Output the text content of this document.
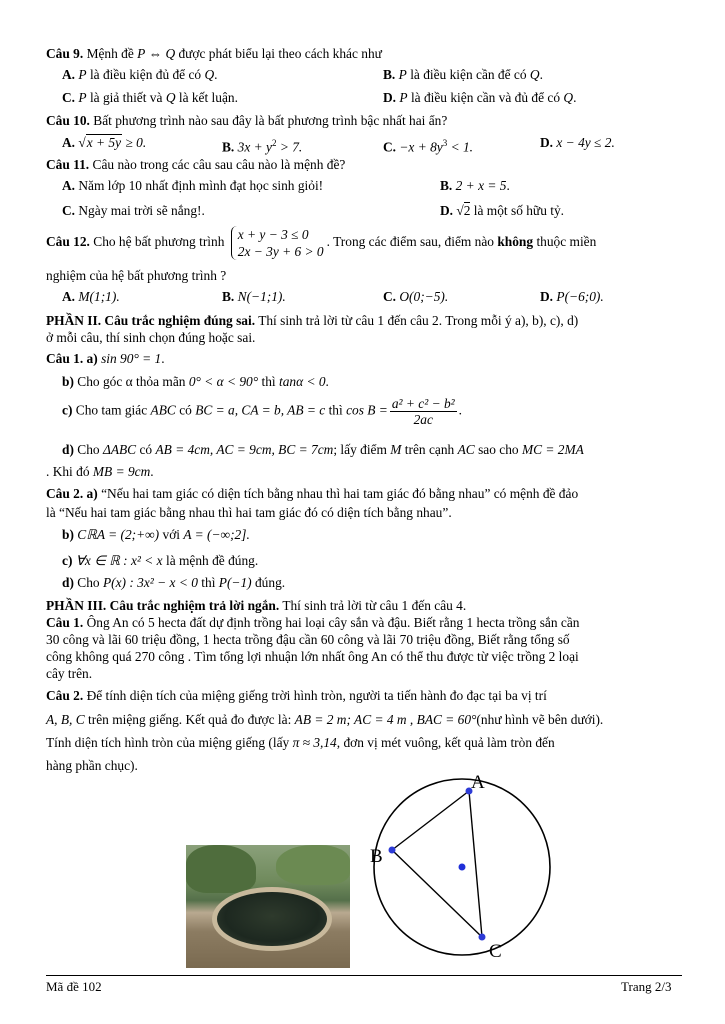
Câu 9. Mệnh đề P ⇔ Q được phát biểu lại theo cách khác như
A. P là điều kiện đủ để có Q.	B. P là điều kiện cần để có Q.
C. P là giả thiết và Q là kết luận.	D. P là điều kiện cần và đủ để có Q.
Câu 10. Bất phương trình nào sau đây là bất phương trình bậc nhất hai ẩn?
A. √x + 5y ≥ 0.	B. $3x + y^2 > 7$.	C. $-x + 8y^3 < 1$.	D. x − 4y ≤ 2.
Câu 11. Câu nào trong các câu sau câu nào là mệnh đề?
A. Năm lớp 10 nhất định mình đạt học sinh giỏi!	B. 2 + x = 5.
C. Ngày mai trời sẽ nắng!.	D. √2 là một số hữu tỷ.
Câu 12. Cho hệ bất phương trình x + y − 3 ≤ 0
2x − 3y + 6 > 0. Trong các điểm sau, điểm nào không thuộc miền
nghiệm của hệ bất phương trình ?
A. M(1;1).	B. N(−1;1).	C. O(0;−5).	D. P(−6;0).
PHẦN II. Câu trắc nghiệm đúng sai. Thí sinh trả lời từ câu 1 đến câu 2. Trong mỗi ý a), b), c), d)
ở mỗi câu, thí sinh chọn đúng hoặc sai.
Câu 1. a) sin 90° = 1.
b) Cho góc α thỏa mãn 0° < α < 90° thì tanα < 0.
c) Cho tam giác ABC có BC = a, CA = b, AB = c thì $\cos B = \frac{\text{a² + c² − b²}}{2ac}$ .
d) Cho ΔABC có AB = 4cm, AC = 9cm, BC = 7cm; lấy điểm M trên cạnh AC sao cho MC = 2MA
. Khi đó MB = 9cm.
Câu 2. a) “Nếu hai tam giác có diện tích bằng nhau thì hai tam giác đó bằng nhau” có mệnh đề đảo
là “Nếu hai tam giác bằng nhau thì hai tam giác đó có diện tích bằng nhau”.
b) CℝA = (2;+∞) với A = (−∞;2].
c) ∀x ∈ ℝ : x² < x là mệnh đề đúng.
d) Cho P(x) : 3x² − x < 0 thì P(−1) đúng.
PHẦN III. Câu trắc nghiệm trả lời ngắn. Thí sinh trả lời từ câu 1 đến câu 4.
Câu 1. Ông An có 5 hecta đất dự định trồng hai loại cây sắn và đậu. Biết rằng 1 hecta trồng sắn cần
30 công và lãi 60 triệu đồng, 1 hecta trồng đậu cần 60 công và lãi 70 triệu đồng, Biết rằng tổng số
công không quá 270 công . Tìm tổng lợi nhuận lớn nhất ông An có thể thu được từ việc trồng 2 loại
cây trên.
Câu 2. Để tính diện tích của miệng giếng trời hình tròn, người ta tiến hành đo đạc tại ba vị trí
A, B, C trên miệng giếng. Kết quả đo được là: AB = 2 m; AC = 4 m , BAC = 60°(như hình vẽ bên dưới).
Tính diện tích hình tròn của miệng giếng (lấy π ≈ 3,14, đơn vị mét vuông, kết quả làm tròn đến
hàng phần chục).
A
B
C
Mã đề 102	Trang 2/3
